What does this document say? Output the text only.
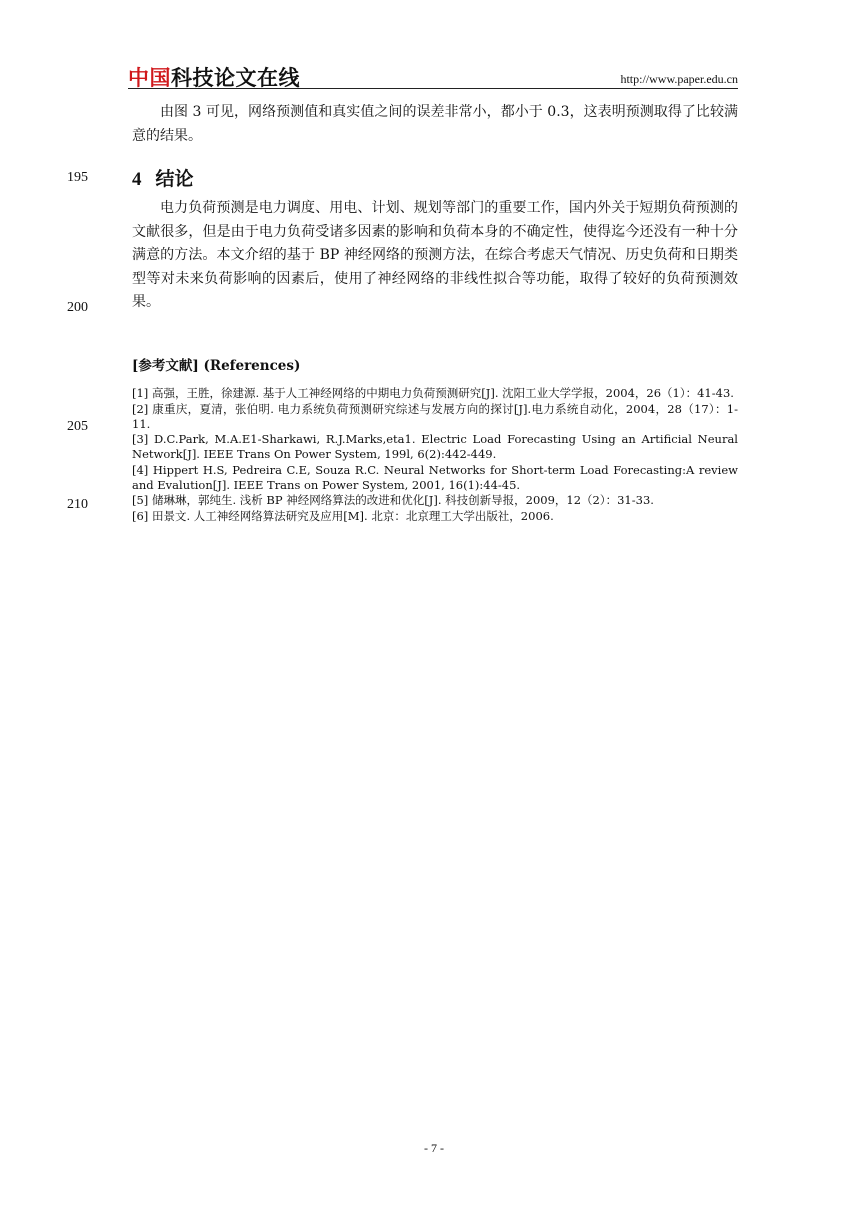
中国科技论文在线	http://www.paper.edu.cn

由图 3 可见，网络预测值和真实值之间的误差非常小，都小于 0.3，这表明预测取得了比较满意的结果。

195 4 结论

电力负荷预测是电力调度、用电、计划、规划等部门的重要工作，国内外关于短期负荷预测的文献很多，但是由于电力负荷受诸多因素的影响和负荷本身的不确定性，使得迄今还没有一种十分满意的方法。本文介绍的基于 BP 神经网络的预测方法，在综合考虑天气情况、历史负荷和日期类型等对未来负荷影响的因素后，使用了神经网络的非线性拟合等功能，取得了较好的负荷预测效果。

200
[参考文献] (References)

[1] 高强，王胜，徐建源. 基于人工神经网络的中期电力负荷预测研究[J]. 沈阳工业大学学报，2004，26（1）：41-43.

[2] 康重庆，夏清，张伯明. 电力系统负荷预测研究综述与发展方向的探讨[J].电力系统自动化，2004，28（17）：1-11.

[3] D.C.Park, M.A.E1-Sharkawi, R.J.Marks,eta1. Electric Load Forecasting Using an Artificial Neural Network[J]. IEEE Trans On Power System, 199l, 6(2):442-449.

[4] Hippert H.S, Pedreira C.E, Souza R.C. Neural Networks for Short-term Load Forecasting:A review and Evalution[J]. IEEE Trans on Power System, 2001, 16(1):44-45.

[5] 储琳琳，郭纯生. 浅析 BP 神经网络算法的改进和优化[J]. 科技创新导报，2009，12（2）：31-33.

[6] 田景文. 人工神经网络算法研究及应用[M]. 北京：北京理工大学出版社，2006.

205
210
- 7 -
